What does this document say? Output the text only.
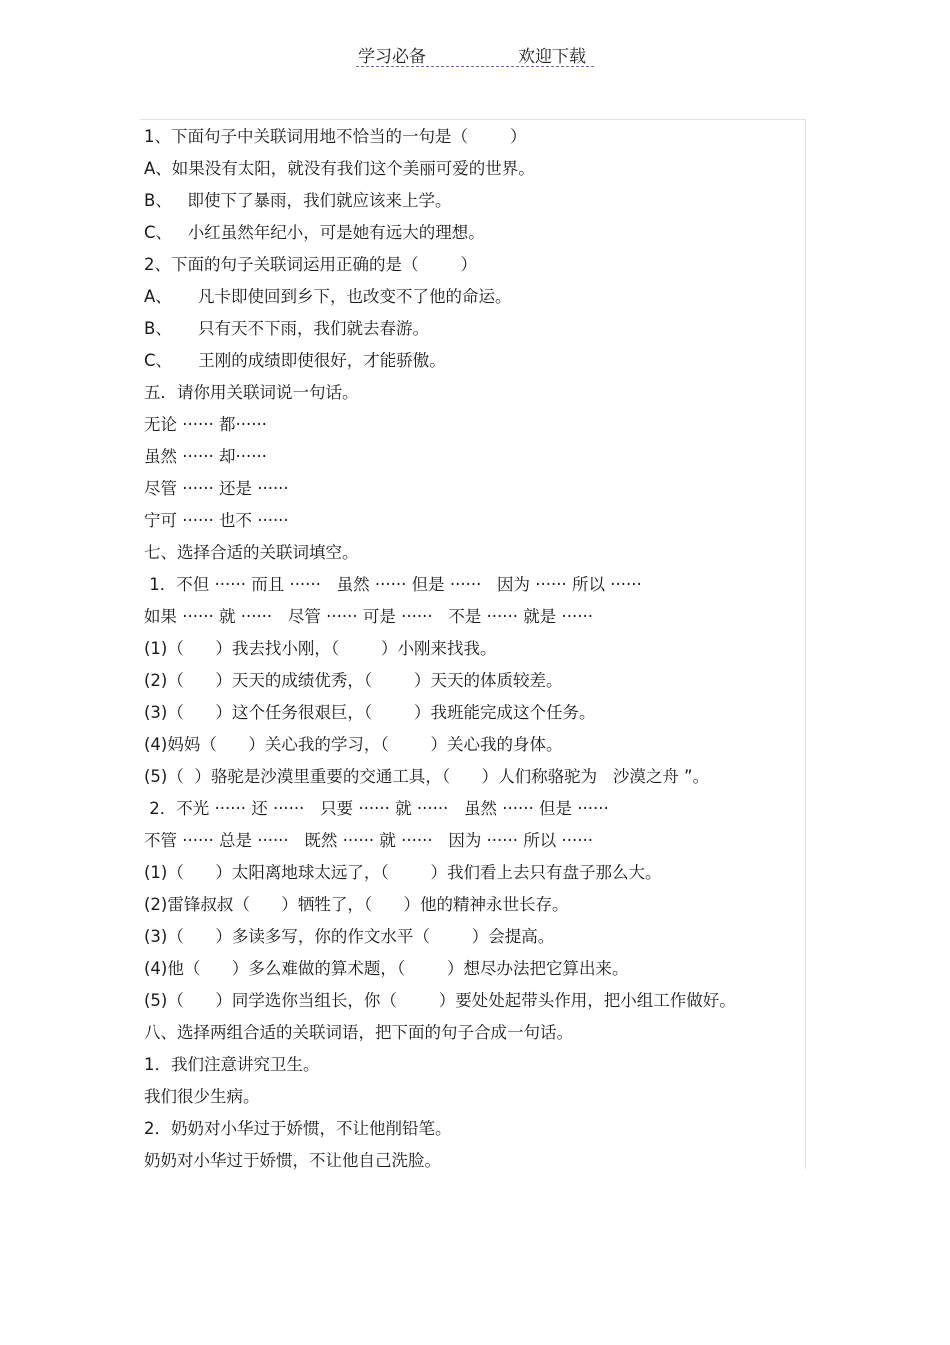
学习必备	欢迎下载
1、下面句子中关联词用地不恰当的一句是（        ）
A、如果没有太阳，就没有我们这个美丽可爱的世界。
B、   即使下了暴雨，我们就应该来上学。
C、   小红虽然年纪小，可是她有远大的理想。
2、下面的句子关联词运用正确的是（        ）
A、     凡卡即使回到乡下，也改变不了他的命运。
B、     只有天不下雨，我们就去春游。
C、     王刚的成绩即使很好，才能骄傲。
五．请你用关联词说一句话。
无论 ······ 都······
虽然 ······ 却······
尽管 ······ 还是 ······
宁可 ······ 也不 ······
七、选择合适的关联词填空。
1．不但 ······ 而且 ······   虽然 ······ 但是 ······   因为 ······ 所以 ······
如果 ······ 就 ······   尽管 ······ 可是 ······   不是 ······ 就是 ······
(1)（      ）我去找小刚，（        ）小刚来找我。
(2)（      ）天天的成绩优秀，（        ）天天的体质较差。
(3)（      ）这个任务很艰巨，（        ）我班能完成这个任务。
(4)妈妈（      ）关心我的学习，（        ）关心我的身体。
(5)（  ）骆驼是沙漠里重要的交通工具，（      ）人们称骆驼为   沙漠之舟 ”。
2．不光 ······ 还 ······   只要 ······ 就 ······   虽然 ······ 但是 ······
不管 ······ 总是 ······   既然 ······ 就 ······   因为 ······ 所以 ······
(1)（      ）太阳离地球太远了，（        ）我们看上去只有盘子那么大。
(2)雷锋叔叔（      ）牺牲了，（      ）他的精神永世长存。
(3)（      ）多读多写，你的作文水平（        ）会提高。
(4)他（      ）多么难做的算术题，（        ）想尽办法把它算出来。
(5)（      ）同学选你当组长，你（        ）要处处起带头作用，把小组工作做好。
八、选择两组合适的关联词语，把下面的句子合成一句话。
1．我们注意讲究卫生。
我们很少生病。
2．奶奶对小华过于娇惯，不让他削铅笔。
奶奶对小华过于娇惯，不让他自己洗脸。
